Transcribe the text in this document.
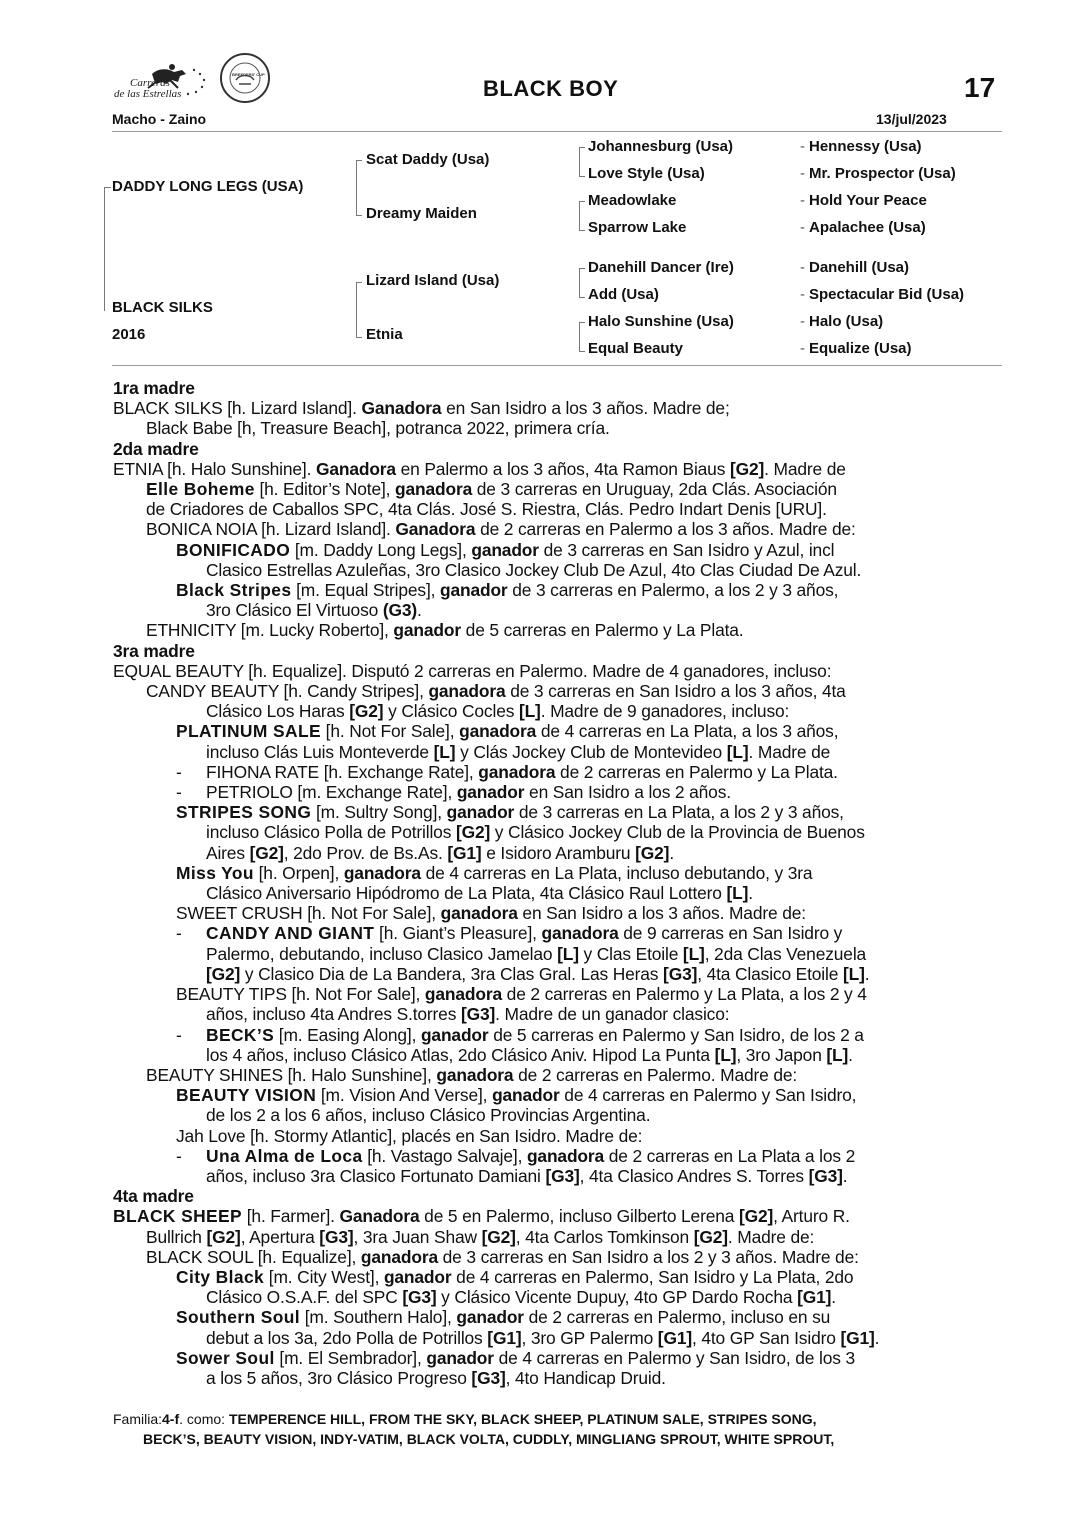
Carreras
de las Estrellas
BREEDERS' CUP
BLACK BOY	17
Macho - Zaino	13/jul/2023
DADDY LONG LEGS (USA)
BLACK SILKS
2016
Scat Daddy (Usa)
Dreamy Maiden
Lizard Island (Usa)
Etnia
Johannesburg (Usa)
Love Style (Usa)
Meadowlake
Sparrow Lake
Danehill Dancer (Ire)
Add (Usa)
Halo Sunshine (Usa)
Equal Beauty
- Hennessy (Usa)
- Mr. Prospector (Usa)
- Hold Your Peace
- Apalachee (Usa)
- Danehill (Usa)
- Spectacular Bid (Usa)
- Halo (Usa)
- Equalize (Usa)
1ra madre
BLACK SILKS [h. Lizard Island]. Ganadora en San Isidro a los 3 años. Madre de;
Black Babe [h, Treasure Beach], potranca 2022, primera cría.
2da madre
ETNIA [h. Halo Sunshine]. Ganadora en Palermo a los 3 años, 4ta Ramon Biaus [G2]. Madre de
Elle Boheme [h. Editor’s Note], ganadora de 3 carreras en Uruguay, 2da Clás. Asociación
de Criadores de Caballos SPC, 4ta Clás. José S. Riestra, Clás. Pedro Indart Denis [URU].
BONICA NOIA [h. Lizard Island]. Ganadora de 2 carreras en Palermo a los 3 años. Madre de:
BONIFICADO [m. Daddy Long Legs], ganador de 3 carreras en San Isidro y Azul, incl
Clasico Estrellas Azuleñas, 3ro Clasico Jockey Club De Azul, 4to Clas Ciudad De Azul.
Black Stripes [m. Equal Stripes], ganador de 3 carreras en Palermo, a los 2 y 3 años,
3ro Clásico El Virtuoso (G3).
ETHNICITY [m. Lucky Roberto], ganador de 5 carreras en Palermo y La Plata.
3ra madre
EQUAL BEAUTY [h. Equalize]. Disputó 2 carreras en Palermo. Madre de 4 ganadores, incluso:
CANDY BEAUTY [h. Candy Stripes], ganadora de 3 carreras en San Isidro a los 3 años, 4ta
Clásico Los Haras [G2] y Clásico Cocles [L]. Madre de 9 ganadores, incluso:
PLATINUM SALE [h. Not For Sale], ganadora de 4 carreras en La Plata, a los 3 años,
incluso Clás Luis Monteverde [L] y Clás Jockey Club de Montevideo [L]. Madre de
- FIHONA RATE [h. Exchange Rate], ganadora de 2 carreras en Palermo y La Plata.
- PETRIOLO [m. Exchange Rate], ganador en San Isidro a los 2 años.
STRIPES SONG [m. Sultry Song], ganador de 3 carreras en La Plata, a los 2 y 3 años,
incluso Clásico Polla de Potrillos [G2] y Clásico Jockey Club de la Provincia de Buenos
Aires [G2], 2do Prov. de Bs.As. [G1] e Isidoro Aramburu [G2].
Miss You [h. Orpen], ganadora de 4 carreras en La Plata, incluso debutando, y 3ra
Clásico Aniversario Hipódromo de La Plata, 4ta Clásico Raul Lottero [L].
SWEET CRUSH [h. Not For Sale], ganadora en San Isidro a los 3 años. Madre de:
- CANDY AND GIANT [h. Giant’s Pleasure], ganadora de 9 carreras en San Isidro y
Palermo, debutando, incluso Clasico Jamelao [L] y Clas Etoile [L], 2da Clas Venezuela
[G2] y Clasico Dia de La Bandera, 3ra Clas Gral. Las Heras [G3], 4ta Clasico Etoile [L].
BEAUTY TIPS [h. Not For Sale], ganadora de 2 carreras en Palermo y La Plata, a los 2 y 4
años, incluso 4ta Andres S.torres [G3]. Madre de un ganador clasico:
- BECK’S [m. Easing Along], ganador de 5 carreras en Palermo y San Isidro, de los 2 a
los 4 años, incluso Clásico Atlas, 2do Clásico Aniv. Hipod La Punta [L], 3ro Japon [L].
BEAUTY SHINES [h. Halo Sunshine], ganadora de 2 carreras en Palermo. Madre de:
BEAUTY VISION [m. Vision And Verse], ganador de 4 carreras en Palermo y San Isidro,
de los 2 a los 6 años, incluso Clásico Provincias Argentina.
Jah Love [h. Stormy Atlantic], placés en San Isidro. Madre de:
- Una Alma de Loca [h. Vastago Salvaje], ganadora de 2 carreras en La Plata a los 2
años, incluso 3ra Clasico Fortunato Damiani [G3], 4ta Clasico Andres S. Torres [G3].
4ta madre
BLACK SHEEP [h. Farmer]. Ganadora de 5 en Palermo, incluso Gilberto Lerena [G2], Arturo R.
Bullrich [G2], Apertura [G3], 3ra Juan Shaw [G2], 4ta Carlos Tomkinson [G2]. Madre de:
BLACK SOUL [h. Equalize], ganadora de 3 carreras en San Isidro a los 2 y 3 años. Madre de:
City Black [m. City West], ganador de 4 carreras en Palermo, San Isidro y La Plata, 2do
Clásico O.S.A.F. del SPC [G3] y Clásico Vicente Dupuy, 4to GP Dardo Rocha [G1].
Southern Soul [m. Southern Halo], ganador de 2 carreras en Palermo, incluso en su
debut a los 3a, 2do Polla de Potrillos [G1], 3ro GP Palermo [G1], 4to GP San Isidro [G1].
Sower Soul [m. El Sembrador], ganador de 4 carreras en Palermo y San Isidro, de los 3
a los 5 años, 3ro Clásico Progreso [G3], 4to Handicap Druid.
Familia:4-f. como: TEMPERENCE HILL, FROM THE SKY, BLACK SHEEP, PLATINUM SALE, STRIPES SONG,
BECK’S, BEAUTY VISION, INDY-VATIM, BLACK VOLTA, CUDDLY, MINGLIANG SPROUT, WHITE SPROUT,
